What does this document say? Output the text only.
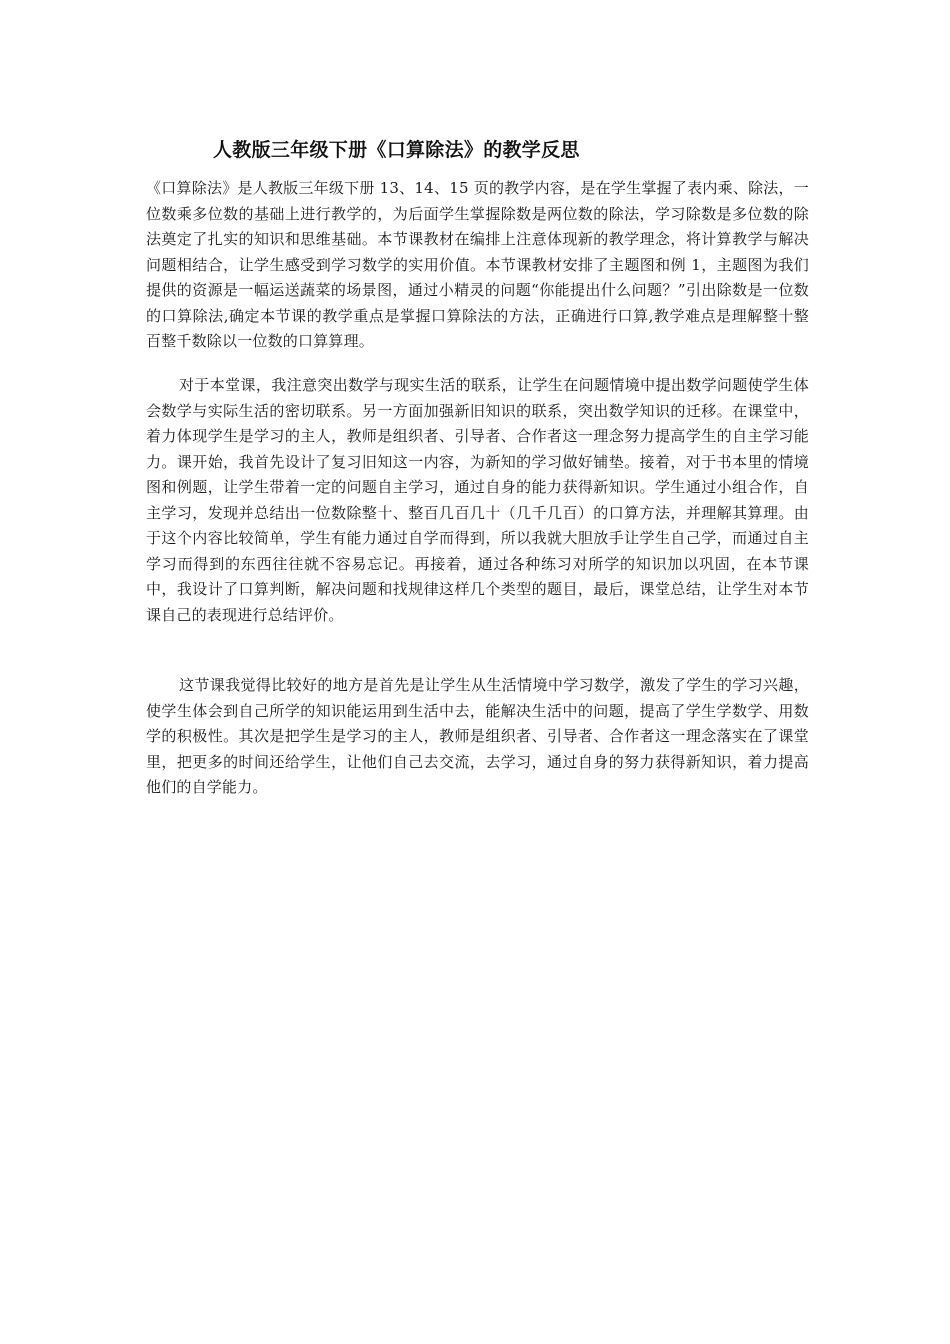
人教版三年级下册《口算除法》的教学反思

《口算除法》是人教版三年级下册 13、14、15 页的教学内容，是在学生掌握了表内乘、除法，一位数乘多位数的基础上进行教学的，为后面学生掌握除数是两位数的除法，学习除数是多位数的除法奠定了扎实的知识和思维基础。本节课教材在编排上注意体现新的教学理念，将计算教学与解决问题相结合，让学生感受到学习数学的实用价值。本节课教材安排了主题图和例 1，主题图为我们提供的资源是一幅运送蔬菜的场景图，通过小精灵的问题“你能提出什么问题？”引出除数是一位数的口算除法,确定本节课的教学重点是掌握口算除法的方法，正确进行口算,教学难点是理解整十整百整千数除以一位数的口算算理。

对于本堂课，我注意突出数学与现实生活的联系，让学生在问题情境中提出数学问题使学生体会数学与实际生活的密切联系。另一方面加强新旧知识的联系，突出数学知识的迁移。在课堂中，着力体现学生是学习的主人，教师是组织者、引导者、合作者这一理念努力提高学生的自主学习能力。课开始，我首先设计了复习旧知这一内容，为新知的学习做好铺垫。接着，对于书本里的情境图和例题，让学生带着一定的问题自主学习，通过自身的能力获得新知识。学生通过小组合作，自主学习，发现并总结出一位数除整十、整百几百几十（几千几百）的口算方法，并理解其算理。由于这个内容比较简单，学生有能力通过自学而得到，所以我就大胆放手让学生自己学，而通过自主学习而得到的东西往往就不容易忘记。再接着，通过各种练习对所学的知识加以巩固，在本节课中，我设计了口算判断，解决问题和找规律这样几个类型的题目，最后，课堂总结，让学生对本节课自己的表现进行总结评价。

这节课我觉得比较好的地方是首先是让学生从生活情境中学习数学，激发了学生的学习兴趣，使学生体会到自己所学的知识能运用到生活中去，能解决生活中的问题，提高了学生学数学、用数学的积极性。其次是把学生是学习的主人，教师是组织者、引导者、合作者这一理念落实在了课堂里，把更多的时间还给学生，让他们自己去交流，去学习，通过自身的努力获得新知识，着力提高他们的自学能力。
